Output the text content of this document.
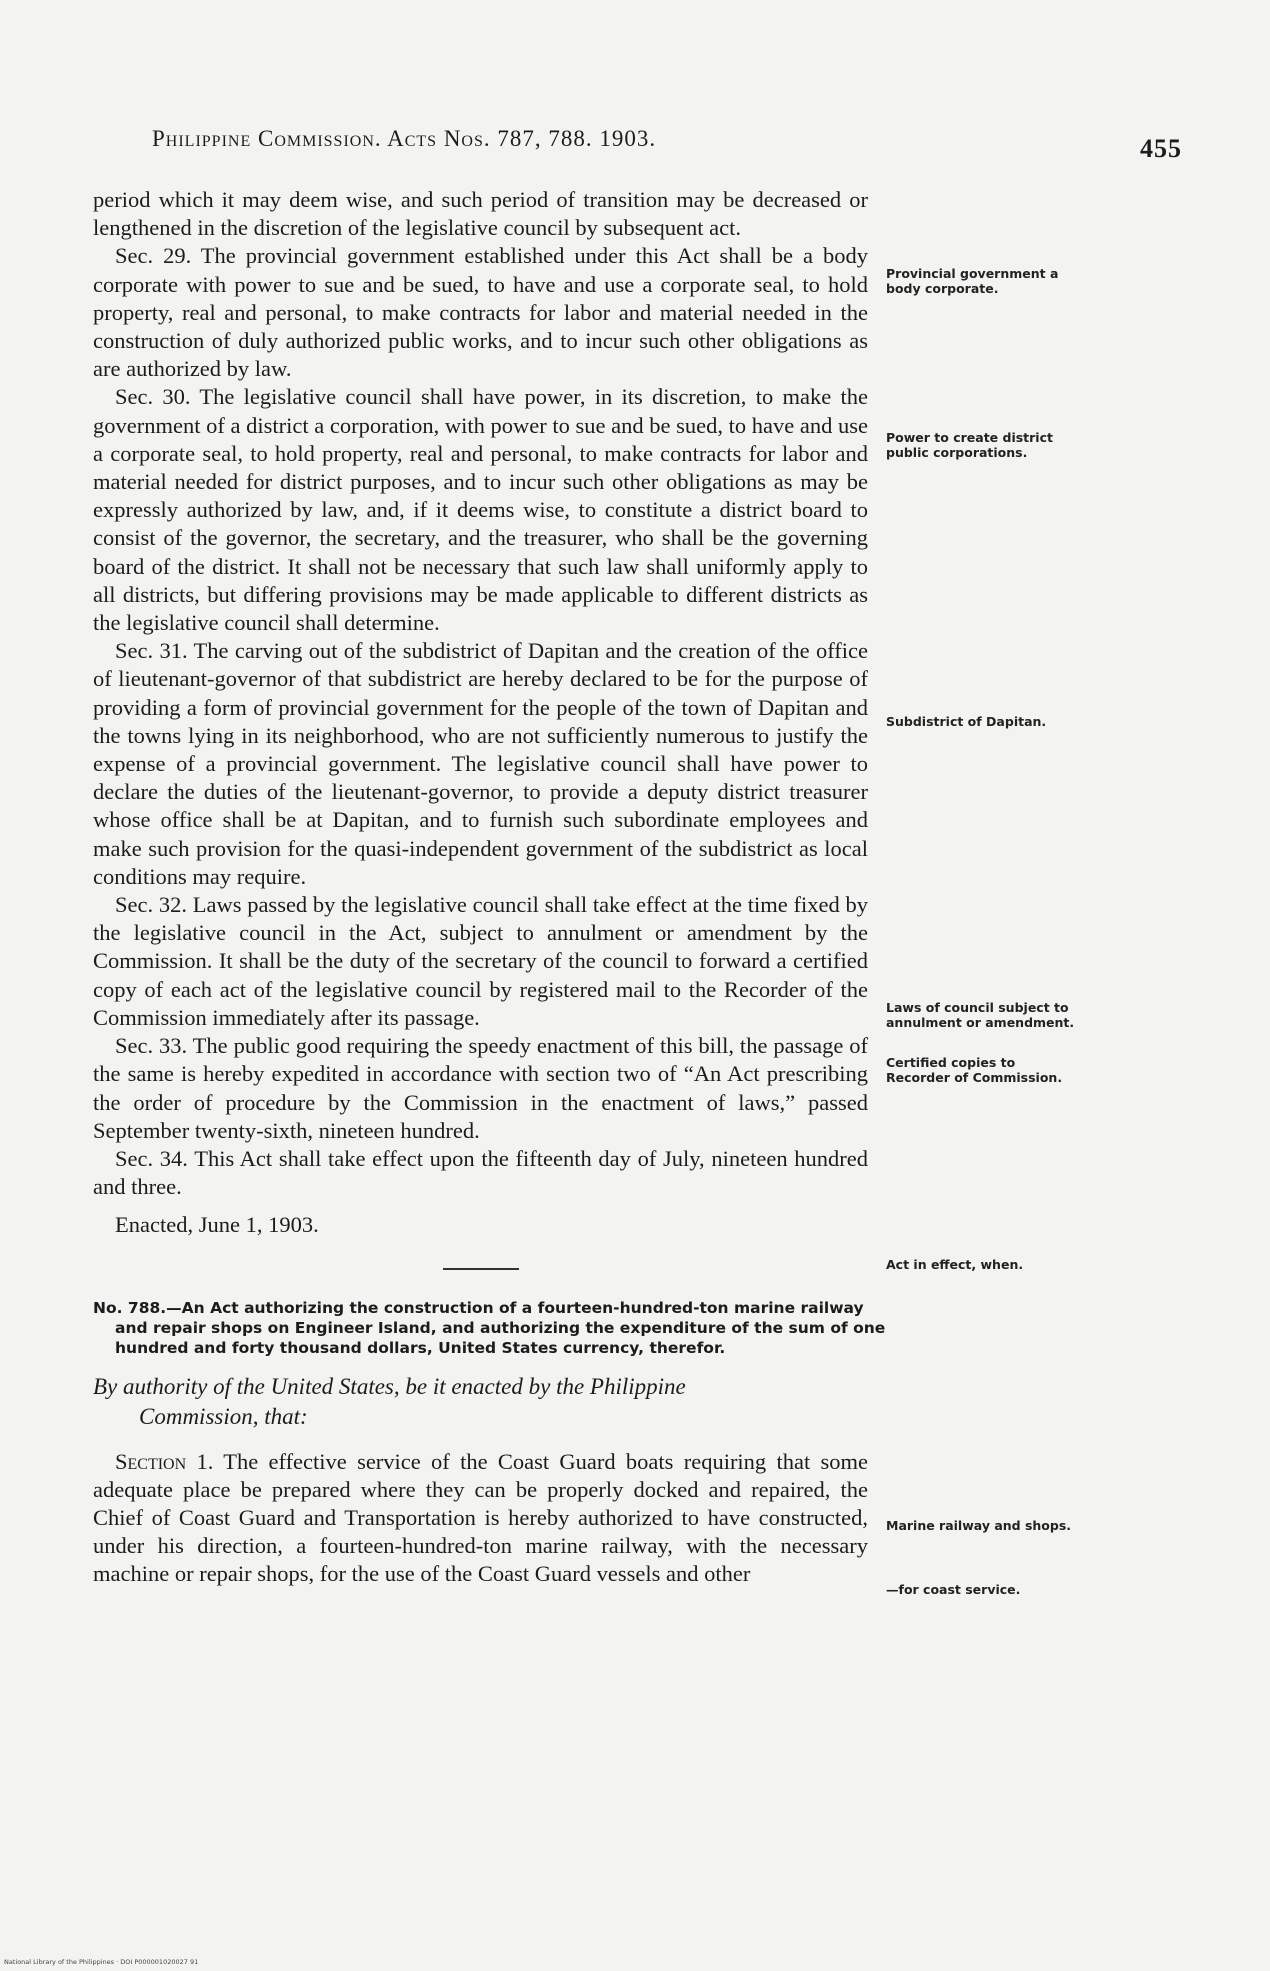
Philippine Commission. Acts Nos. 787, 788. 1903.	455

period which it may deem wise, and such period of transition may be decreased or lengthened in the discretion of the legislative council by subsequent act.

Sec. 29. The provincial government established under this Act shall be a body corporate with power to sue and be sued, to have and use a corporate seal, to hold property, real and personal, to make contracts for labor and material needed in the construction of duly authorized public works, and to incur such other obligations as are authorized by law.

Sec. 30. The legislative council shall have power, in its discretion, to make the government of a district a corporation, with power to sue and be sued, to have and use a corporate seal, to hold property, real and personal, to make contracts for labor and material needed for district purposes, and to incur such other obligations as may be expressly authorized by law, and, if it deems wise, to constitute a district board to consist of the governor, the secretary, and the treasurer, who shall be the governing board of the district. It shall not be necessary that such law shall uniformly apply to all districts, but differing provisions may be made applicable to different districts as the legislative council shall determine.

Sec. 31. The carving out of the subdistrict of Dapitan and the creation of the office of lieutenant-governor of that subdistrict are hereby declared to be for the purpose of providing a form of provincial government for the people of the town of Dapitan and the towns lying in its neighborhood, who are not sufficiently numerous to justify the expense of a provincial government. The legislative council shall have power to declare the duties of the lieutenant-governor, to provide a deputy district treasurer whose office shall be at Dapitan, and to furnish such subordinate employees and make such provision for the quasi-independent government of the subdistrict as local conditions may require.

Sec. 32. Laws passed by the legislative council shall take effect at the time fixed by the legislative council in the Act, subject to annulment or amendment by the Commission. It shall be the duty of the secretary of the council to forward a certified copy of each act of the legislative council by registered mail to the Recorder of the Commission immediately after its passage.

Sec. 33. The public good requiring the speedy enactment of this bill, the passage of the same is hereby expedited in accordance with section two of “An Act prescribing the order of procedure by the Commission in the enactment of laws,” passed September twenty-sixth, nineteen hundred.

Sec. 34. This Act shall take effect upon the fifteenth day of July, nineteen hundred and three.

Enacted, June 1, 1903.

No. 788.—An Act authorizing the construction of a fourteen-hundred-ton marine railway and repair shops on Engineer Island, and authorizing the expenditure of the sum of one hundred and forty thousand dollars, United States currency, therefor.

By authority of the United States, be it enacted by the Philippine
Commission, that:

Section 1. The effective service of the Coast Guard boats requiring that some adequate place be prepared where they can be properly docked and repaired, the Chief of Coast Guard and Transportation is hereby authorized to have constructed, under his direction, a fourteen-hundred-ton marine railway, with the necessary machine or repair shops, for the use of the Coast Guard vessels and other

Provincial government a body corporate.
Power to create district public corporations.
Subdistrict of Dapitan.
Laws of council subject to annulment or amendment.
Certified copies to Recorder of Commission.
Act in effect, when.
Marine railway and shops.
—for coast service.
National Library of the Philippines · DOI P000001020027 91
